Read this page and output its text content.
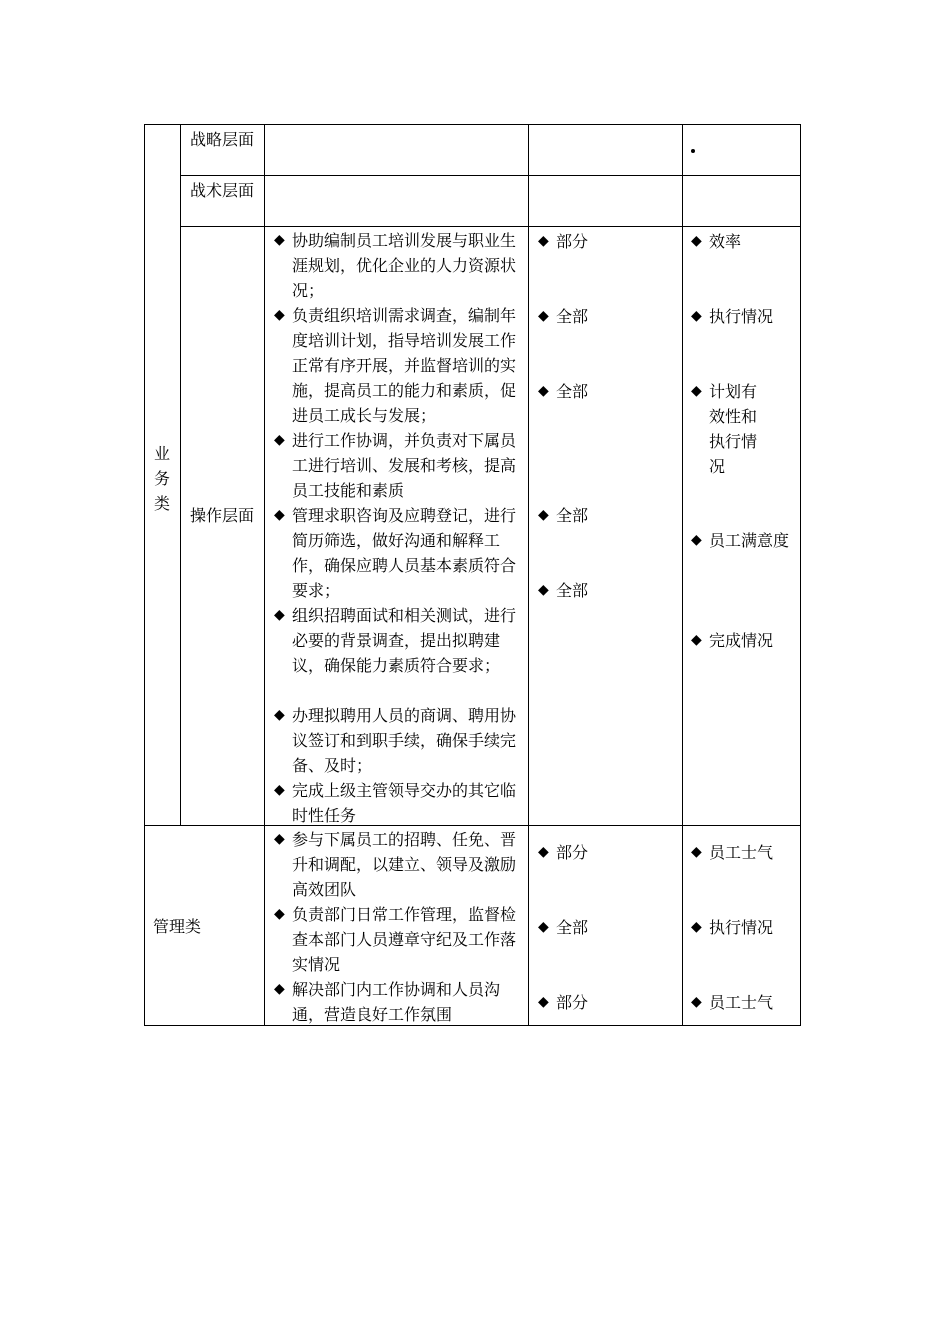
业务类
管理类
战略层面
战术层面
操作层面
◆ 协助编制员工培训发展与职业生涯规划，优化企业的人力资源状况；
◆ 负责组织培训需求调查，编制年度培训计划，指导培训发展工作正常有序开展，并监督培训的实施，提高员工的能力和素质，促进员工成长与发展；
◆ 进行工作协调，并负责对下属员工进行培训、发展和考核，提高员工技能和素质
◆ 管理求职咨询及应聘登记，进行简历筛选，做好沟通和解释工作，确保应聘人员基本素质符合要求；
◆ 组织招聘面试和相关测试，进行必要的背景调查，提出拟聘建议，确保能力素质符合要求；
◆ 办理拟聘用人员的商调、聘用协议签订和到职手续，确保手续完备、及时；
◆ 完成上级主管领导交办的其它临时性任务
◆ 部分
◆ 全部
◆ 全部
◆ 全部
◆ 全部
◆ 效率
◆ 执行情况
◆ 计划有效性和执行情况
◆ 员工满意度
◆ 完成情况
◆ 参与下属员工的招聘、任免、晋升和调配，以建立、领导及激励高效团队
◆ 负责部门日常工作管理，监督检查本部门人员遵章守纪及工作落实情况
◆ 解决部门内工作协调和人员沟通，营造良好工作氛围
◆ 部分
◆ 全部
◆ 部分
◆ 员工士气
◆ 执行情况
◆ 员工士气
